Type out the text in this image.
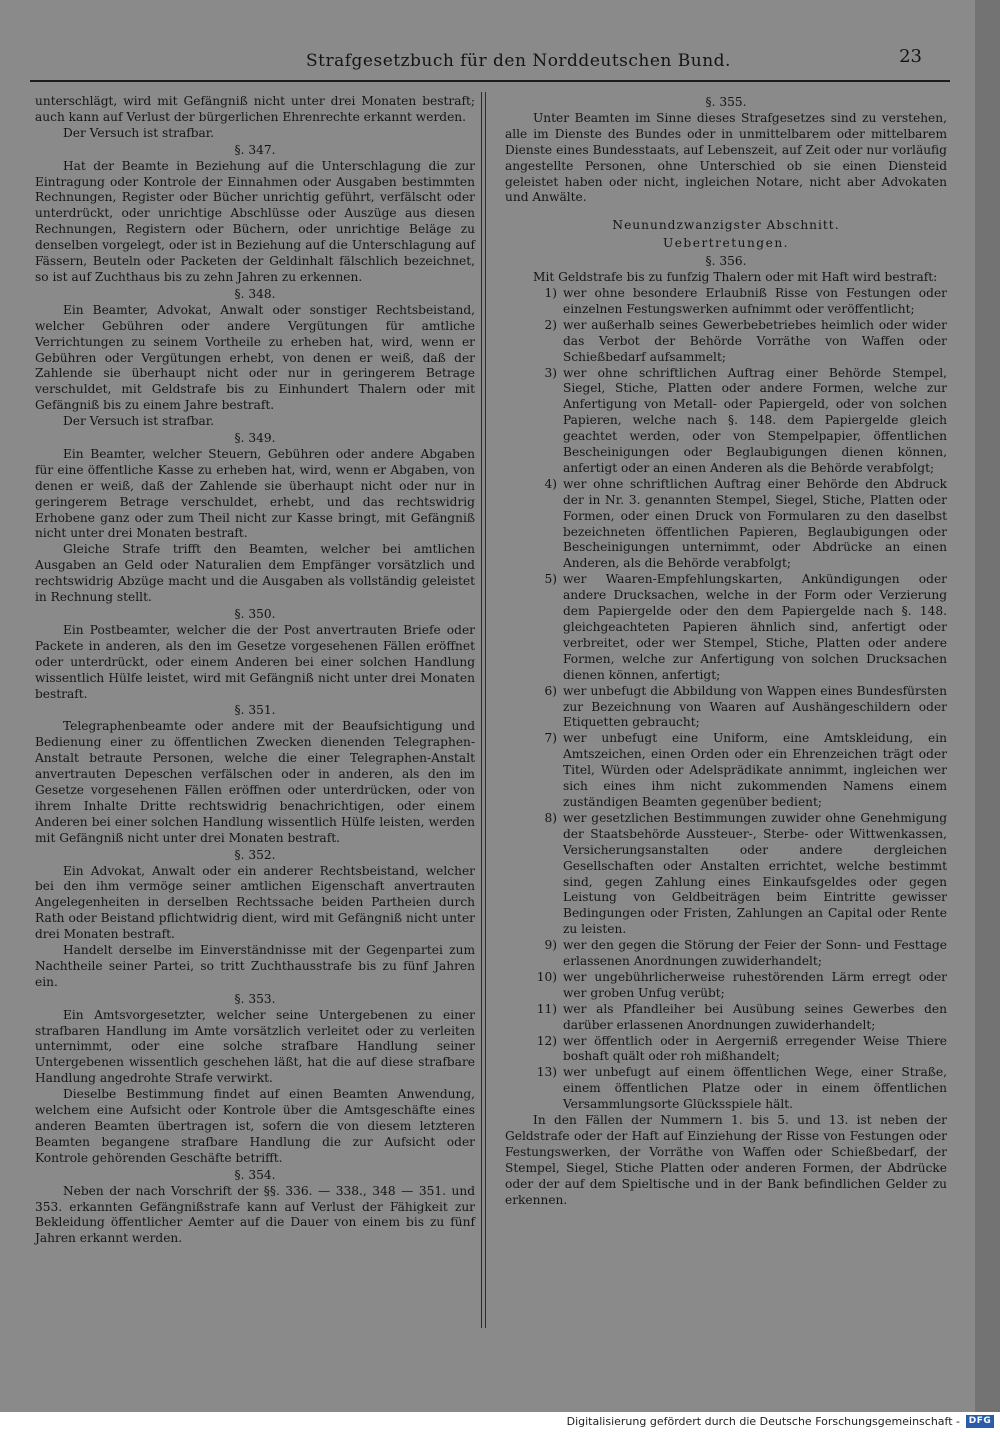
Strafgesetzbuch für den Norddeutschen Bund.	23

unterschlägt, wird mit Gefängniß nicht unter drei Monaten bestraft; auch kann auf Verlust der bürgerlichen Ehrenrechte erkannt werden.

Der Versuch ist strafbar.

§. 347.

Hat der Beamte in Beziehung auf die Unterschlagung die zur Eintragung oder Kontrole der Einnahmen oder Ausgaben bestimmten Rechnungen, Register oder Bücher unrichtig geführt, verfälscht oder unterdrückt, oder unrichtige Abschlüsse oder Auszüge aus diesen Rechnungen, Registern oder Büchern, oder unrichtige Beläge zu denselben vorgelegt, oder ist in Beziehung auf die Unterschlagung auf Fässern, Beuteln oder Packeten der Geldinhalt fälschlich bezeichnet, so ist auf Zuchthaus bis zu zehn Jahren zu erkennen.

§. 348.

Ein Beamter, Advokat, Anwalt oder sonstiger Rechtsbeistand, welcher Gebühren oder andere Vergütungen für amtliche Verrichtungen zu seinem Vortheile zu erheben hat, wird, wenn er Gebühren oder Vergütungen erhebt, von denen er weiß, daß der Zahlende sie überhaupt nicht oder nur in geringerem Betrage verschuldet, mit Geldstrafe bis zu Einhundert Thalern oder mit Gefängniß bis zu einem Jahre bestraft.

Der Versuch ist strafbar.

§. 349.

Ein Beamter, welcher Steuern, Gebühren oder andere Abgaben für eine öffentliche Kasse zu erheben hat, wird, wenn er Abgaben, von denen er weiß, daß der Zahlende sie überhaupt nicht oder nur in geringerem Betrage verschuldet, erhebt, und das rechtswidrig Erhobene ganz oder zum Theil nicht zur Kasse bringt, mit Gefängniß nicht unter drei Monaten bestraft.

Gleiche Strafe trifft den Beamten, welcher bei amtlichen Ausgaben an Geld oder Naturalien dem Empfänger vorsätzlich und rechtswidrig Abzüge macht und die Ausgaben als vollständig geleistet in Rechnung stellt.

§. 350.

Ein Postbeamter, welcher die der Post anvertrauten Briefe oder Packete in anderen, als den im Gesetze vorgesehenen Fällen eröffnet oder unterdrückt, oder einem Anderen bei einer solchen Handlung wissentlich Hülfe leistet, wird mit Gefängniß nicht unter drei Monaten bestraft.

§. 351.

Telegraphenbeamte oder andere mit der Beaufsichtigung und Bedienung einer zu öffentlichen Zwecken dienenden Telegraphen-Anstalt betraute Personen, welche die einer Telegraphen-Anstalt anvertrauten Depeschen verfälschen oder in anderen, als den im Gesetze vorgesehenen Fällen eröffnen oder unterdrücken, oder von ihrem Inhalte Dritte rechtswidrig benachrichtigen, oder einem Anderen bei einer solchen Handlung wissentlich Hülfe leisten, werden mit Gefängniß nicht unter drei Monaten bestraft.

§. 352.

Ein Advokat, Anwalt oder ein anderer Rechtsbeistand, welcher bei den ihm vermöge seiner amtlichen Eigenschaft anvertrauten Angelegenheiten in derselben Rechtssache beiden Partheien durch Rath oder Beistand pflichtwidrig dient, wird mit Gefängniß nicht unter drei Monaten bestraft.

Handelt derselbe im Einverständnisse mit der Gegenpartei zum Nachtheile seiner Partei, so tritt Zuchthausstrafe bis zu fünf Jahren ein.

§. 353.

Ein Amtsvorgesetzter, welcher seine Untergebenen zu einer strafbaren Handlung im Amte vorsätzlich verleitet oder zu verleiten unternimmt, oder eine solche strafbare Handlung seiner Untergebenen wissentlich geschehen läßt, hat die auf diese strafbare Handlung angedrohte Strafe verwirkt.

Dieselbe Bestimmung findet auf einen Beamten Anwendung, welchem eine Aufsicht oder Kontrole über die Amtsgeschäfte eines anderen Beamten übertragen ist, sofern die von diesem letzteren Beamten begangene strafbare Handlung die zur Aufsicht oder Kontrole gehörenden Geschäfte betrifft.

§. 354.

Neben der nach Vorschrift der §§. 336. — 338., 348 — 351. und 353. erkannten Gefängnißstrafe kann auf Verlust der Fähigkeit zur Bekleidung öffentlicher Aemter auf die Dauer von einem bis zu fünf Jahren erkannt werden.

§. 355.

Unter Beamten im Sinne dieses Strafgesetzes sind zu verstehen, alle im Dienste des Bundes oder in unmittelbarem oder mittelbarem Dienste eines Bundesstaats, auf Lebenszeit, auf Zeit oder nur vorläufig angestellte Personen, ohne Unterschied ob sie einen Diensteid geleistet haben oder nicht, ingleichen Notare, nicht aber Advokaten und Anwälte.

Neunundzwanzigster Abschnitt.

Uebertretungen.

§. 356.

Mit Geldstrafe bis zu funfzig Thalern oder mit Haft wird bestraft:

1) wer ohne besondere Erlaubniß Risse von Festungen oder einzelnen Festungswerken aufnimmt oder veröffentlicht;
2) wer außerhalb seines Gewerbebetriebes heimlich oder wider das Verbot der Behörde Vorräthe von Waffen oder Schießbedarf aufsammelt;
3) wer ohne schriftlichen Auftrag einer Behörde Stempel, Siegel, Stiche, Platten oder andere Formen, welche zur Anfertigung von Metall- oder Papiergeld, oder von solchen Papieren, welche nach §. 148. dem Papiergelde gleich geachtet werden, oder von Stempelpapier, öffentlichen Bescheinigungen oder Beglaubigungen dienen können, anfertigt oder an einen Anderen als die Behörde verabfolgt;
4) wer ohne schriftlichen Auftrag einer Behörde den Abdruck der in Nr. 3. genannten Stempel, Siegel, Stiche, Platten oder Formen, oder einen Druck von Formularen zu den daselbst bezeichneten öffentlichen Papieren, Beglaubigungen oder Bescheinigungen unternimmt, oder Abdrücke an einen Anderen, als die Behörde verabfolgt;
5) wer Waaren-Empfehlungskarten, Ankündigungen oder andere Drucksachen, welche in der Form oder Verzierung dem Papiergelde oder den dem Papiergelde nach §. 148. gleichgeachteten Papieren ähnlich sind, anfertigt oder verbreitet, oder wer Stempel, Stiche, Platten oder andere Formen, welche zur Anfertigung von solchen Drucksachen dienen können, anfertigt;
6) wer unbefugt die Abbildung von Wappen eines Bundesfürsten zur Bezeichnung von Waaren auf Aushängeschildern oder Etiquetten gebraucht;
7) wer unbefugt eine Uniform, eine Amtskleidung, ein Amtszeichen, einen Orden oder ein Ehrenzeichen trägt oder Titel, Würden oder Adelsprädikate annimmt, ingleichen wer sich eines ihm nicht zukommenden Namens einem zuständigen Beamten gegenüber bedient;
8) wer gesetzlichen Bestimmungen zuwider ohne Genehmigung der Staatsbehörde Aussteuer-, Sterbe- oder Wittwenkassen, Versicherungsanstalten oder andere dergleichen Gesellschaften oder Anstalten errichtet, welche bestimmt sind, gegen Zahlung eines Einkaufsgeldes oder gegen Leistung von Geldbeiträgen beim Eintritte gewisser Bedingungen oder Fristen, Zahlungen an Capital oder Rente zu leisten.
9) wer den gegen die Störung der Feier der Sonn- und Festtage erlassenen Anordnungen zuwiderhandelt;
10) wer ungebührlicherweise ruhestörenden Lärm erregt oder wer groben Unfug verübt;
11) wer als Pfandleiher bei Ausübung seines Gewerbes den darüber erlassenen Anordnungen zuwiderhandelt;
12) wer öffentlich oder in Aergerniß erregender Weise Thiere boshaft quält oder roh mißhandelt;
13) wer unbefugt auf einem öffentlichen Wege, einer Straße, einem öffentlichen Platze oder in einem öffentlichen Versammlungsorte Glücksspiele hält.

In den Fällen der Nummern 1. bis 5. und 13. ist neben der Geldstrafe oder der Haft auf Einziehung der Risse von Festungen oder Festungswerken, der Vorräthe von Waffen oder Schießbedarf, der Stempel, Siegel, Stiche Platten oder anderen Formen, der Abdrücke oder der auf dem Spieltische und in der Bank befindlichen Gelder zu erkennen.

Digitalisierung gefördert durch die Deutsche Forschungsgemeinschaft - DFG
